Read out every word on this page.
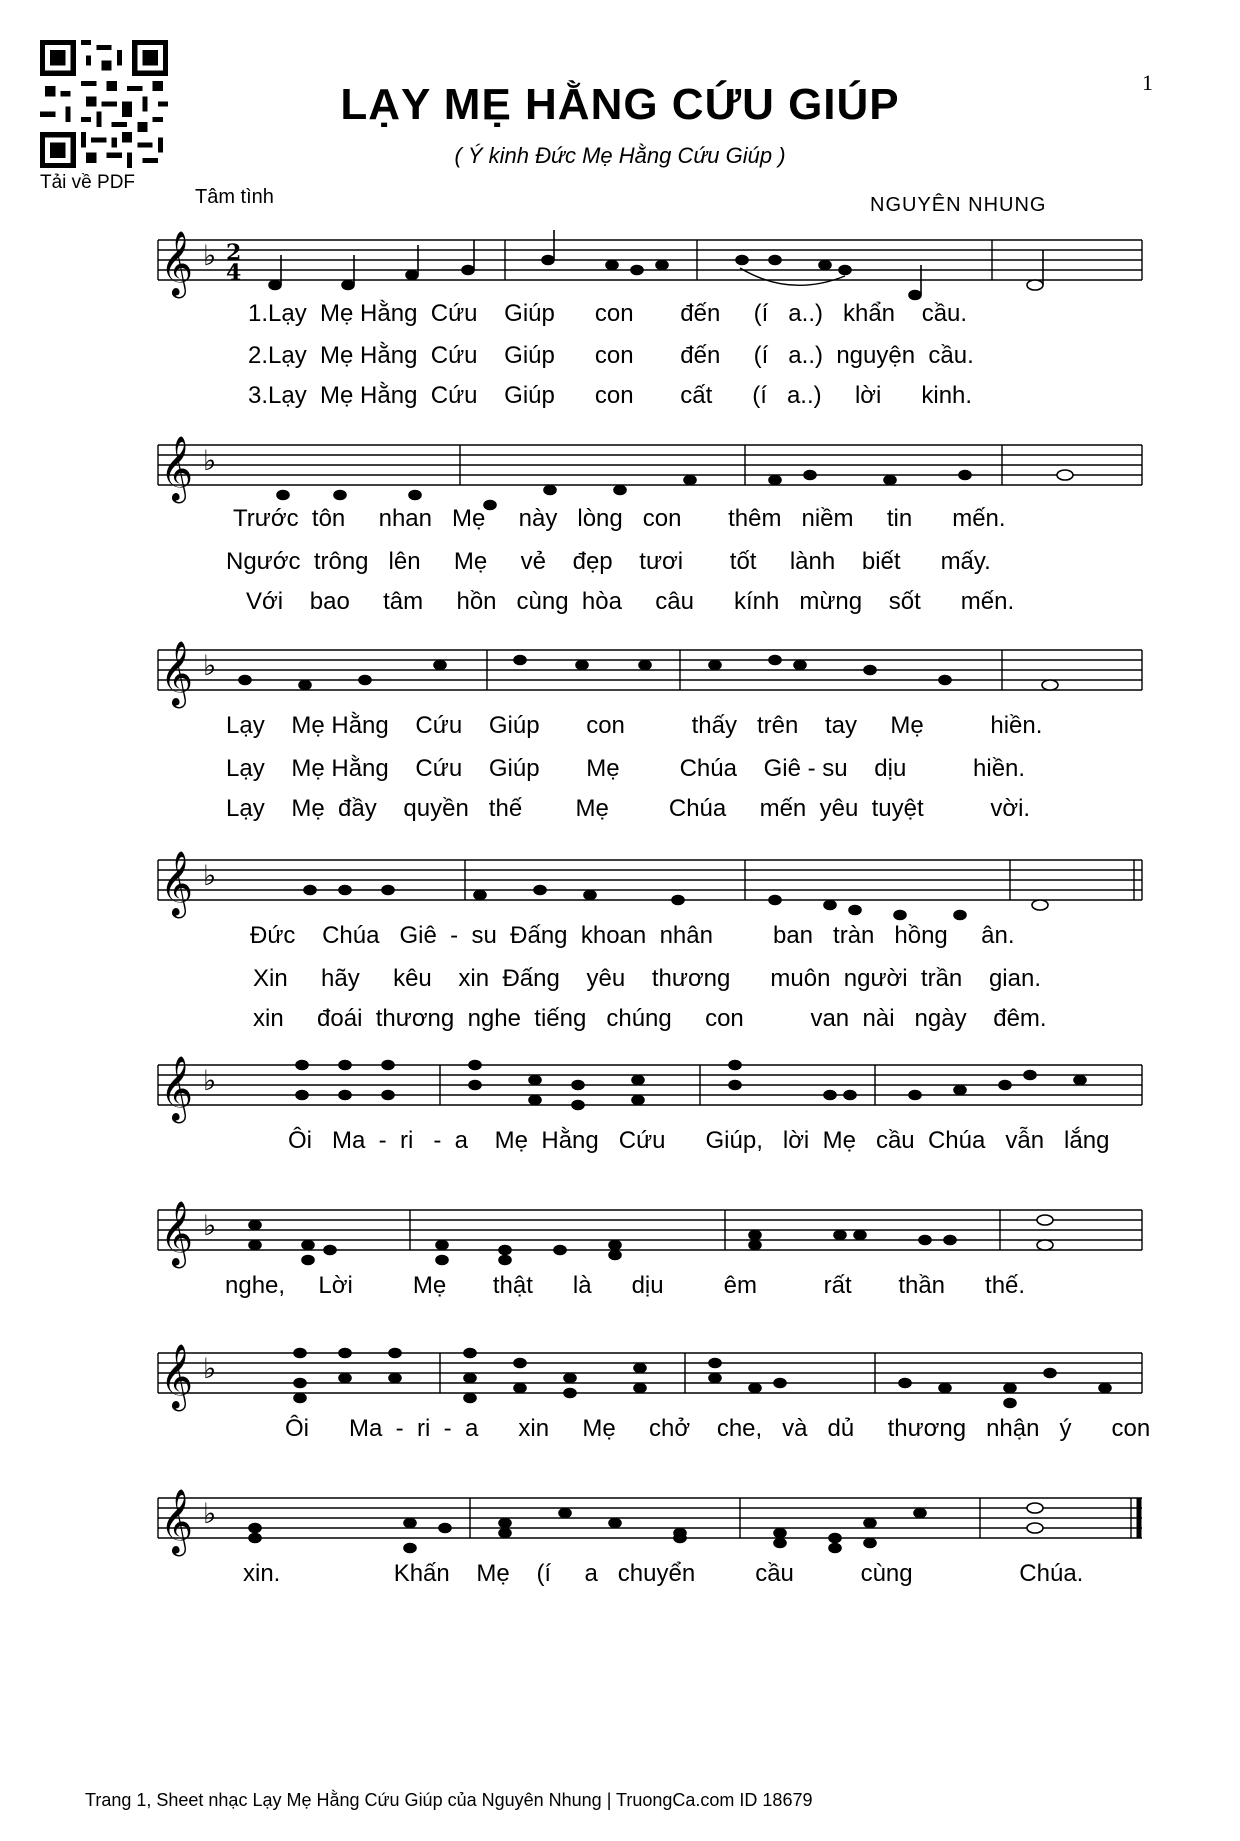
Tải về PDF
1
LẠY MẸ HẰNG CỨU GIÚP
( Ý kinh Đức Mẹ Hằng Cứu Giúp )
Tâm tình	NGUYÊN NHUNG
𝄞 ♭ 2
4
1.Lạy  Mẹ Hằng  Cứu    Giúp      con       đến     (í   a..)   khẩn    cầu.
2.Lạy  Mẹ Hằng  Cứu    Giúp      con       đến     (í   a..)  nguyện  cầu.
3.Lạy  Mẹ Hằng  Cứu    Giúp      con       cất      (í   a..)     lời      kinh.
𝄞 ♭
Trước  tôn     nhan   Mẹ     này   lòng   con       thêm   niềm     tin      mến.
Ngước  trông   lên     Mẹ     vẻ    đẹp    tươi       tốt     lành    biết      mấy.
Với    bao     tâm     hồn   cùng  hòa     câu      kính   mừng    sốt      mến.
𝄞 ♭
Lạy    Mẹ Hằng    Cứu    Giúp       con          thấy   trên    tay     Mẹ          hiền.
Lạy    Mẹ Hằng    Cứu    Giúp       Mẹ         Chúa    Giê - su    dịu          hiền.
Lạy    Mẹ  đầy    quyền   thế        Mẹ         Chúa     mến  yêu  tuyệt          vời.
𝄞 ♭
Đức    Chúa   Giê  -  su  Đấng  khoan  nhân         ban   tràn   hồng     ân.
Xin     hãy     kêu    xin  Đấng    yêu    thương      muôn  người  trần    gian.
xin     đoái  thương  nghe  tiếng   chúng     con          van  nài   ngày    đêm.
𝄞 ♭
Ôi   Ma  -  ri   -  a    Mẹ  Hằng   Cứu      Giúp,   lời  Mẹ   cầu  Chúa   vẫn   lắng
𝄞 ♭
nghe,     Lời         Mẹ       thật      là      dịu         êm          rất       thần      thế.
𝄞 ♭
Ôi      Ma  -  ri  -  a      xin     Mẹ     chở    che,   và   dủ     thương   nhận   ý      con
𝄞 ♭
xin.                 Khấn    Mẹ    (í     a   chuyển         cầu          cùng                Chúa.
Trang 1, Sheet nhạc Lạy Mẹ Hằng Cứu Giúp của Nguyên Nhung | TruongCa.com ID 18679
